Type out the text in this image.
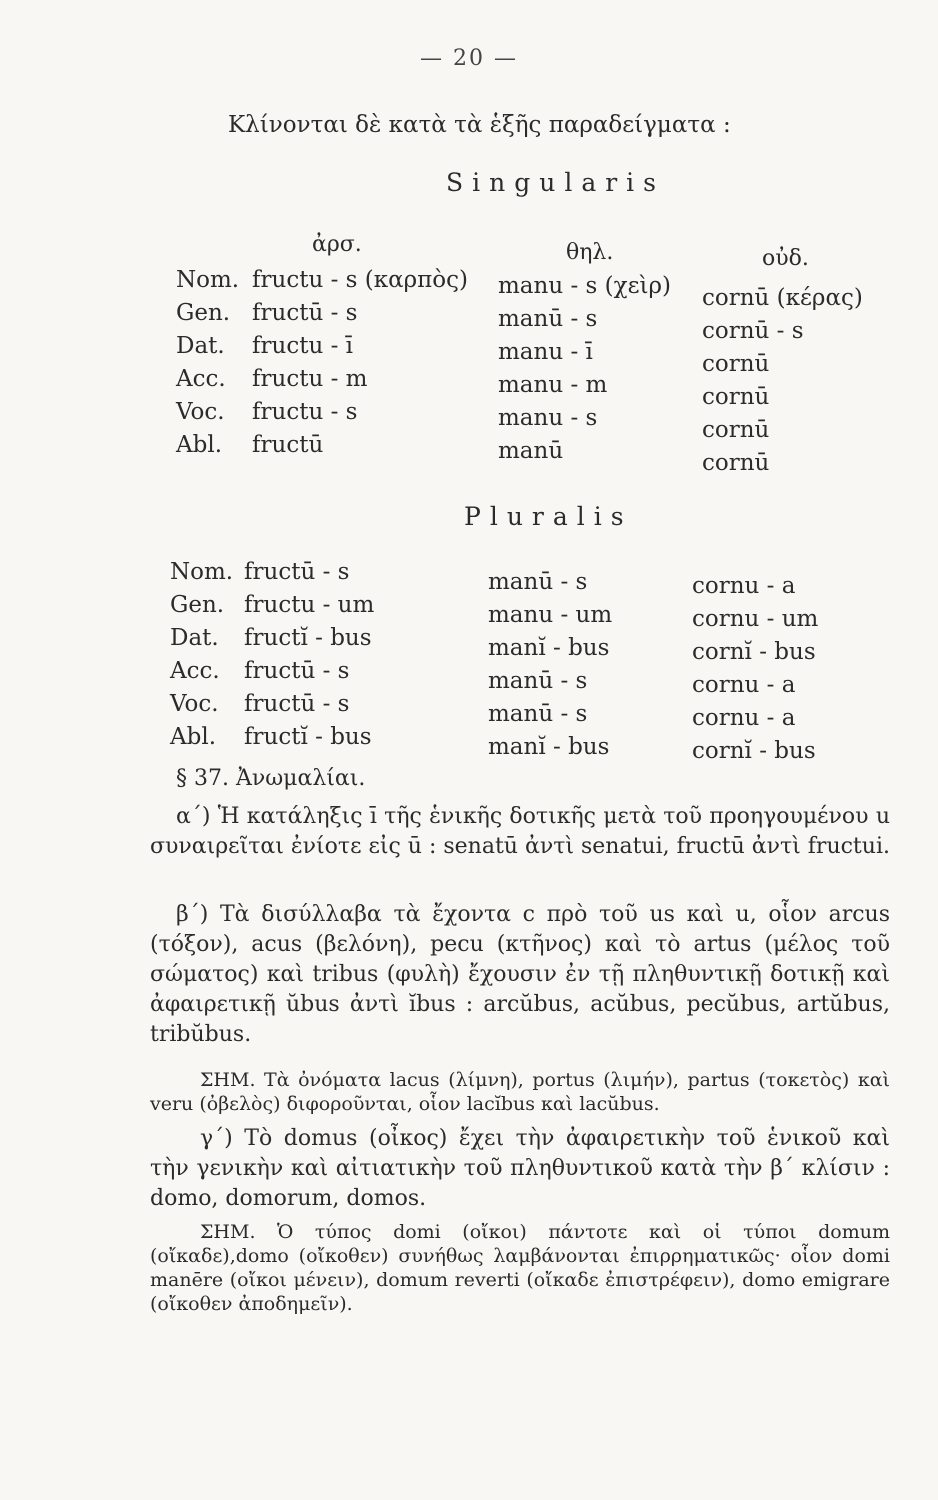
— 20 —
Κλίνονται δὲ κατὰ τὰ ἑξῆς παραδείγματα :
Singularis
ἀρσ.	θηλ.	οὐδ.
Nom.
Gen.
Dat.
Acc.
Voc.
Abl.
fructu - s (καρπὸς)
fructū - s
fructu - ī
fructu - m
fructu - s
fructū
manu - s (χεὶρ)
manū - s
manu - ī
manu - m
manu - s
manū
cornū (κέρας)
cornū - s
cornū
cornū
cornū
cornū
Pluralis
Nom.
Gen.
Dat.
Acc.
Voc.
Abl.
fructū - s
fructu - um
fructĭ - bus
fructū - s
fructū - s
fructĭ - bus
manū - s
manu - um
manĭ - bus
manū - s
manū - s
manĭ - bus
cornu - a
cornu - um
cornĭ - bus
cornu - a
cornu - a
cornĭ - bus
§ 37. Ἀνωμαλίαι.
α΄) Ἡ κατάληξις ī τῆς ἑνικῆς δοτικῆς μετὰ τοῦ προηγουμένου u συναιρεῖται ἐνίοτε εἰς ū : senatū ἀντὶ senatui, fructū ἀντὶ fructui.
β΄) Τὰ δισύλλαβα τὰ ἔχοντα c πρὸ τοῦ us καὶ u, οἷον arcus (τόξον), acus (βελόνη), pecu (κτῆνος) καὶ τὸ artus (μέλος τοῦ σώματος) καὶ tribus (φυλὴ) ἔχουσιν ἐν τῇ πληθυντικῇ δοτικῇ καὶ ἀφαιρετικῇ ŭbus ἀντὶ ĭbus : arcŭbus, acŭbus, pecŭbus, artŭbus, tribŭbus.
ΣΗΜ. Τὰ ὀνόματα lacus (λίμνη), portus (λιμήν), partus (τοκετὸς) καὶ veru (ὀβελὸς) διφοροῦνται, οἷον lacĭbus καὶ lacŭbus.
γ΄) Τὸ domus (οἶκος) ἔχει τὴν ἀφαιρετικὴν τοῦ ἑνικοῦ καὶ τὴν γενικὴν καὶ αἰτιατικὴν τοῦ πληθυντικοῦ κατὰ τὴν β΄ κλίσιν : domo, domorum, domos.
ΣΗΜ. Ὁ τύπος domi (οἴκοι) πάντοτε καὶ οἱ τύποι domum (οἴκαδε),domo (οἴκοθεν) συνήθως λαμβάνονται ἐπιρρηματικῶς· οἷον domi manēre (οἴκοι μένειν), domum reverti (οἴκαδε ἐπιστρέφειν), domo emigrare (οἴκοθεν ἀποδημεῖν).
